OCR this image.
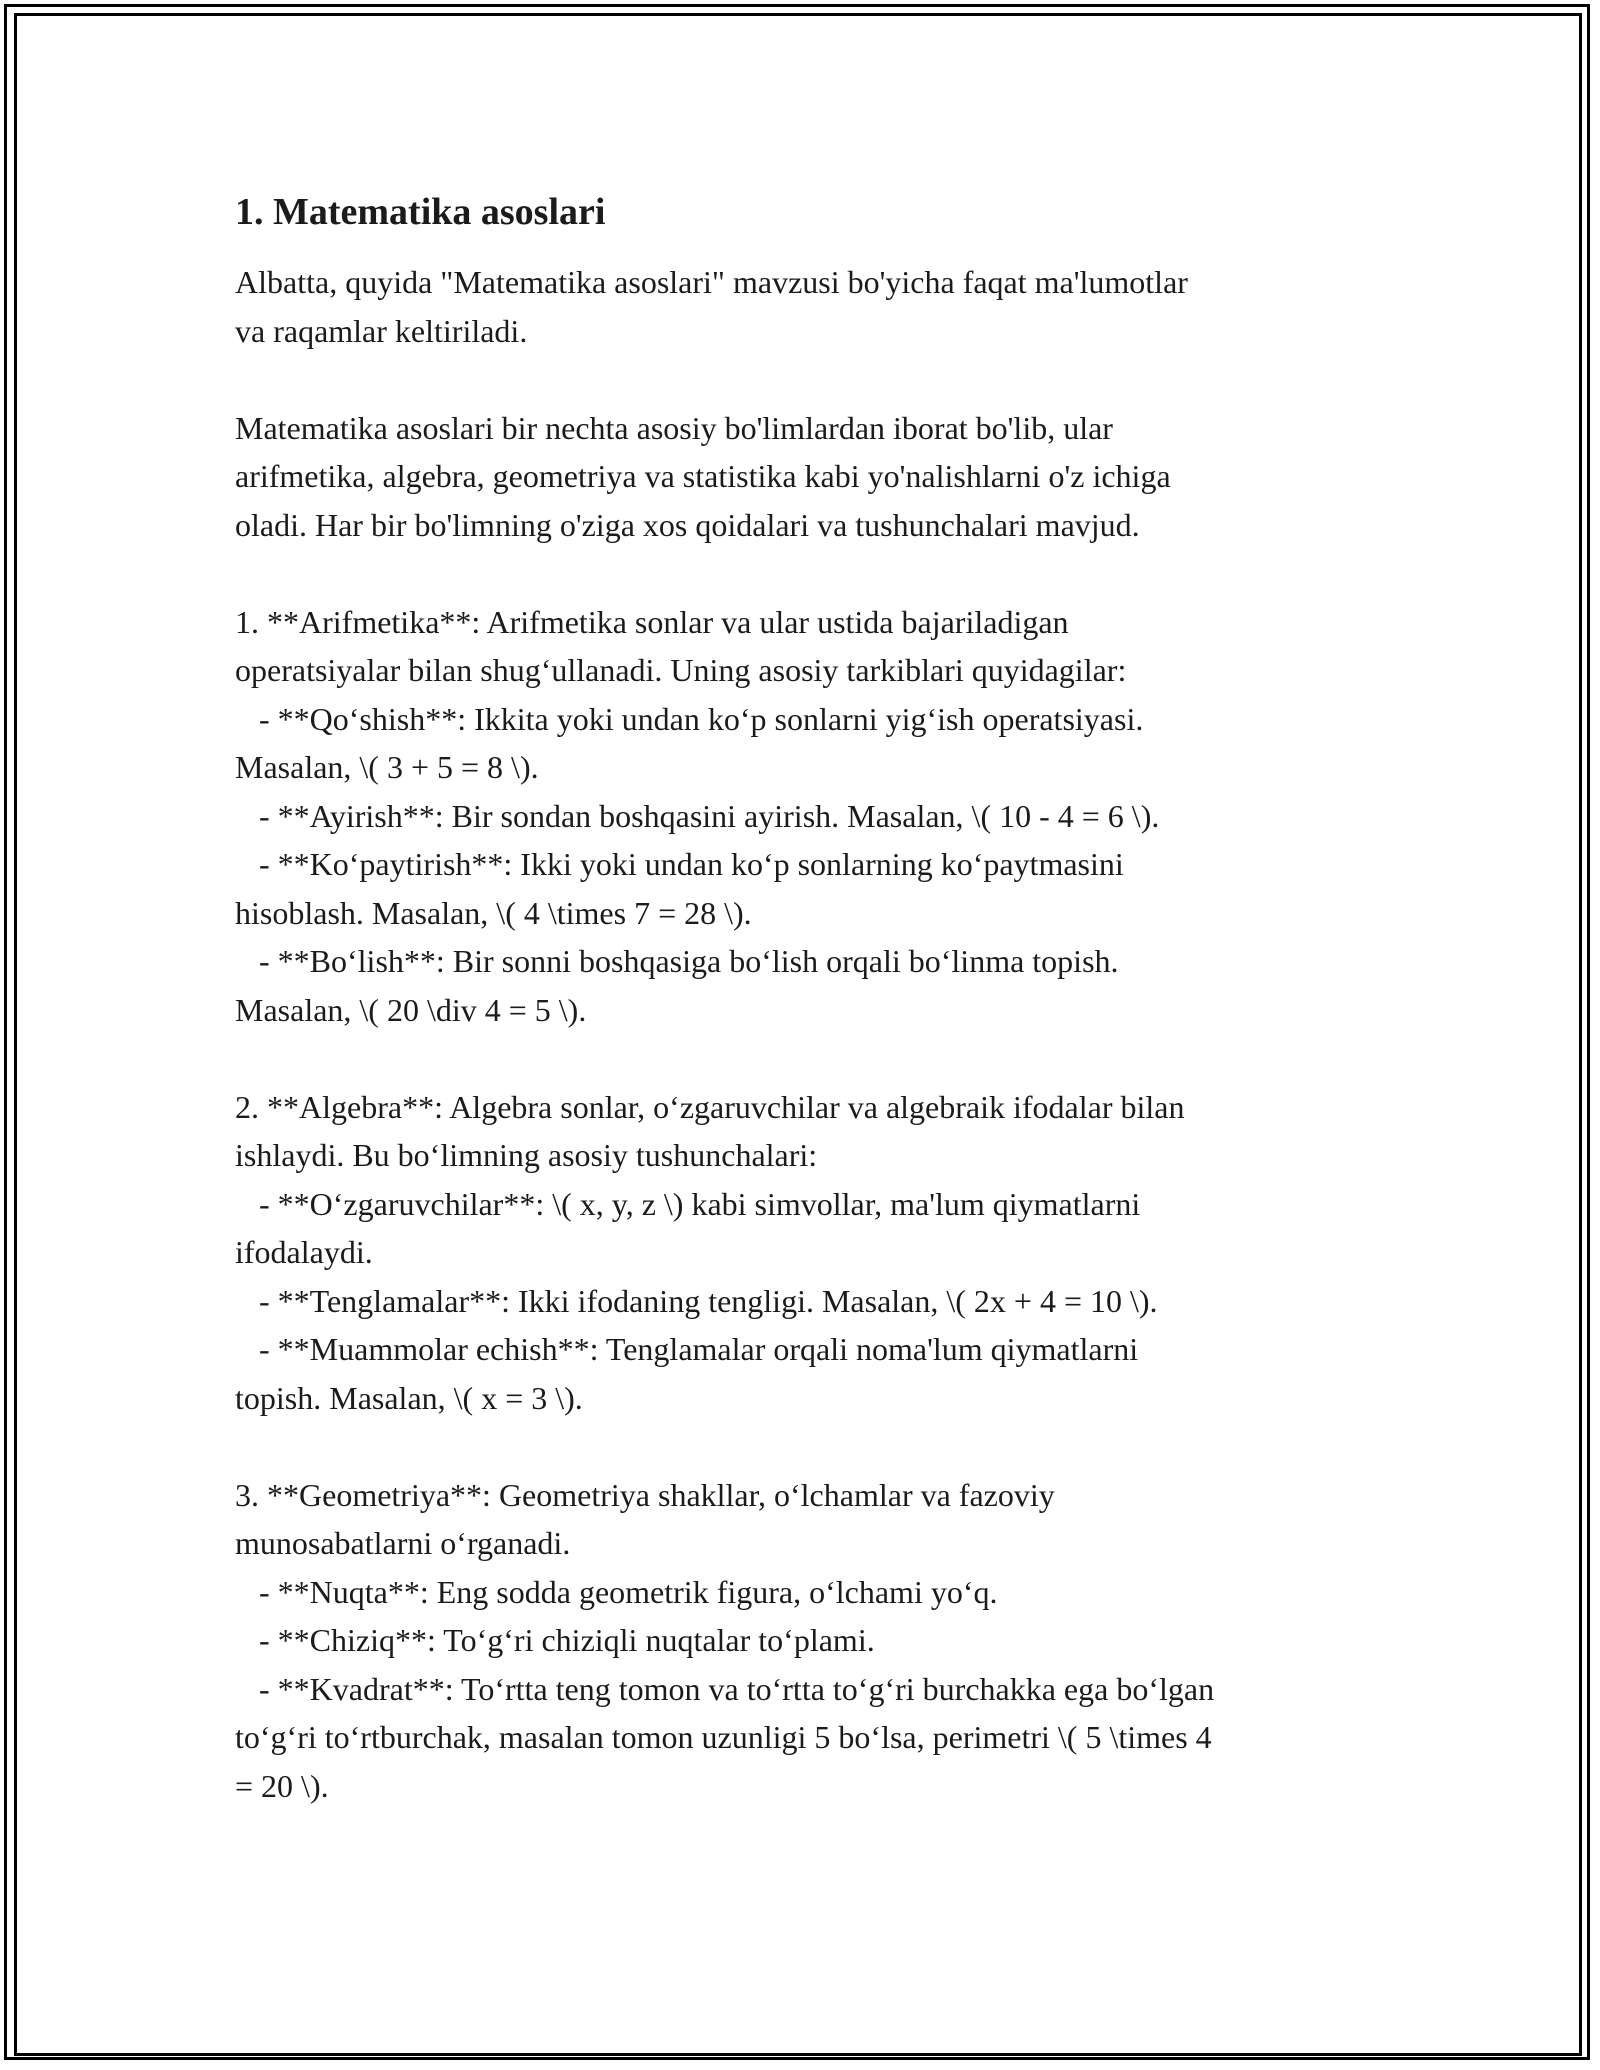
1. Matematika asoslari

Albatta, quyida "Matematika asoslari" mavzusi bo'yicha faqat ma'lumotlar

va raqamlar keltiriladi.

Matematika asoslari bir nechta asosiy bo'limlardan iborat bo'lib, ular

arifmetika, algebra, geometriya va statistika kabi yo'nalishlarni o'z ichiga

oladi. Har bir bo'limning o'ziga xos qoidalari va tushunchalari mavjud.

1. **Arifmetika**: Arifmetika sonlar va ular ustida bajariladigan

operatsiyalar bilan shug‘ullanadi. Uning asosiy tarkiblari quyidagilar:

- **Qo‘shish**: Ikkita yoki undan ko‘p sonlarni yig‘ish operatsiyasi.

Masalan, \( 3 + 5 = 8 \).

- **Ayirish**: Bir sondan boshqasini ayirish. Masalan, \( 10 - 4 = 6 \).

- **Ko‘paytirish**: Ikki yoki undan ko‘p sonlarning ko‘paytmasini

hisoblash. Masalan, \( 4 \times 7 = 28 \).

- **Bo‘lish**: Bir sonni boshqasiga bo‘lish orqali bo‘linma topish.

Masalan, \( 20 \div 4 = 5 \).

2. **Algebra**: Algebra sonlar, o‘zgaruvchilar va algebraik ifodalar bilan

ishlaydi. Bu bo‘limning asosiy tushunchalari:

- **O‘zgaruvchilar**: \( x, y, z \) kabi simvollar, ma'lum qiymatlarni

ifodalaydi.

- **Tenglamalar**: Ikki ifodaning tengligi. Masalan, \( 2x + 4 = 10 \).

- **Muammolar echish**: Tenglamalar orqali noma'lum qiymatlarni

topish. Masalan, \( x = 3 \).

3. **Geometriya**: Geometriya shakllar, o‘lchamlar va fazoviy

munosabatlarni o‘rganadi.

- **Nuqta**: Eng sodda geometrik figura, o‘lchami yo‘q.

- **Chiziq**: To‘g‘ri chiziqli nuqtalar to‘plami.

- **Kvadrat**: To‘rtta teng tomon va to‘rtta to‘g‘ri burchakka ega bo‘lgan

to‘g‘ri to‘rtburchak, masalan tomon uzunligi 5 bo‘lsa, perimetri \( 5 \times 4

= 20 \).
